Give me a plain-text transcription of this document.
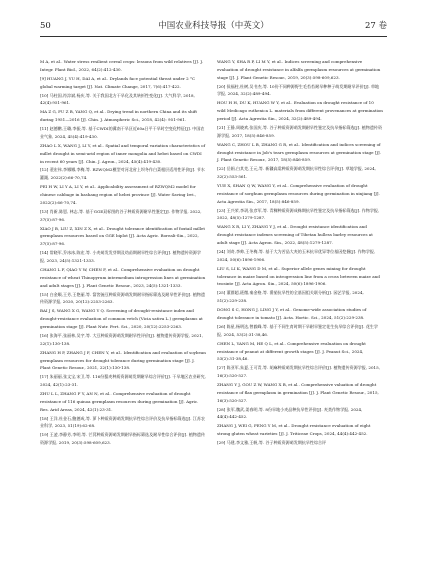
50	中国农业科技导报（中英文）	27 卷

M A, et al.. Water stress resilient cereal crops: lessons from wild relatives [J]. J. Integr. Plant Biol., 2022, 64(2):412-430.

[9] HUANG J, YU H, DAI A, et al.. Drylands face potential threat under 2 °C global warming target [J]. Nat. Climate Change, 2017, 7(6):417-422.

[10] 马柱国,符淙斌,杨庆,等. 关于我国北方干旱化及其转折性变化[J]. 大气科学, 2018, 42(4):951-961.

MA Z G, FU Z B, YANG Q, et al.. Drying trend in northern China and its shift during 1951—2016 [J]. Chin. J. Atmospheric Sci., 2018, 42(4): 951-961.

[11] 赵德鹏,王璐,李振,等. 基于CWDI的冀南干旱区近60a日平干旱时空变化特征[J]. 中国农业气象, 2024, 45(4):419-430.

ZHAO L X, WANG J, LI Y, et al.. Spatial and temporal variation characteristics of millet drought in semi-arid region of inner mongolia and hebei based on CWDI in recent 60 years [J]. Chin. J. Agron., 2024, 45(4):419-430.

[12] 裴宏伟,李娜娜,李梅,等. RZWQM2模型对河北省上坝冬作白菜根层适用性评价[J]. 节水灌溉, 2022(2):66-70,74.

PEI H W, LI Y A, LI Y, et al.. Applicability assessment of RZWQM2 model for chinese cabbage in bashang region of hebei province [J]. Water Saving Irri., 2022(2):66-70,74.

[13] 肖新,陈恩, 林志,等. 基于GGE双标图的谷子种质资源耐旱性鉴定[J]. 作物学报, 2022, 37(5):87-96.

XIAO J B, LIU Z, XIN Z X, et al.. Drought tolerance identification of foxtail millet germplasm resources based on GGE biplot [J]. Acta Agric. Boreali-Sin., 2022, 37(5):87-96.

[14] 常晓军,乔冰冰,陈宏,等. 小麦萌发发芽期及幼苗期耐旱性综合评价[J]. 植物遗传资源学报, 2023, 24(5):1321-1333.

CHANG L F, QIAO Y W, CHEN F, et al.. Comprehensive evaluation on drought resistance of wheat Thinopyrum intermedium introgression lines at germination and adult stages [J]. J. Plant Genetic Resour., 2023, 24(5):1321-1333.

[15] 白金顺,王芳,王艳丽,等. 箭筈豌豆种质资源萌发期耐旱指标筛选及耐旱性评价[J]. 植物遗传资源学报, 2020, 20(12):2253-2263.

BAI J S, WANG X G, WANG Y Q. Screening of drought-resistance index and drought-resistance evaluation of common vetch (Vicia sativa L.) germplasms at germination stage [J]. Plant Nutr. Fert. Sci., 2020, 20(12):2253-2263.

[16] 张海平,张丽林,吴宇,等. 大豆种质资源萌发期耐旱性评价[J]. 植物遗传资源学报, 2021, 22(1):130-138.

ZHANG H P, ZHANG J F, CHEN Y, et al.. Identification and evaluation of soybean germplasm resources for drought tolerance during germination stage [J]. J. Plant Genetic Resour., 2021, 22(1):130-138.

[17] 朱丽丽,张文宝,宋卫,等. 116份藜麦种质资源萌发期耐旱综合评价[J]. 干旱地区农业研究, 2024, 42(1):23-31.

ZHU L L, ZHANG F Y, AN N, et al.. Comprehensive evaluation of drought resistance of 116 quinoa germplasm resources during germination [J]. Agric. Res. Arid Areas, 2024, 42(1):23-31.

[18] 王洋,杜金石,鲍德成,等. 萝卜种质资源萌发期抗旱性综合评价及抗旱指标筛选[J]. 江苏农业科学, 2023, 51(19):62-68.

[19] 王凌,李静芳,李明,等. 芒萁种质资源萌发期耐旱指标筛选及耐旱性综合评价[J]. 植物遗传资源学报, 2019, 20(3):598-609,623.

WANG Y, SHA R P, LI M Y, et al.. Indices screening and comprehensive evaluation of drought resistance in alfalfa germplasm resources at germination stage [J]. J. Plant Genetic Resour., 2019, 20(3):598-609,623.

[20] 侯福柱,杜树,吴书杰,等. 10份不同种源野生毛苔苔耐旱种种子萌发期耐旱评价[J]. 草地学报, 2024, 32(2):489-494.

HOU H H, DU K, HUANG W Y, et al.. Evaluation on drought resistance of 10 wild Medicago ruthenica L. materials from different provenances at germination period [J]. Acta Agrestia Sin., 2024, 32(2):489-494.

[21] 王静,周晓欢,张国庆,等. 谷子种质资源萌发期耐旱性鉴定及抗旱指标筛选[J]. 植物遗传资源学报, 2017, 18(5):846-859.

WANG C, ZHOU L B, ZHANG G R, et al.. Identification and indices screening of drought resistance in Job's tears germplasm resources at germination stage [J]. J. Plant Genetic Resour., 2017, 18(5):846-859.

[22] 岳娟,白其羌,王元,等. 新疆高粱种质资源萌发期抗旱性综合评价[J]. 草地学报, 2024, 32(2):553-561.

YUE X, SHAN Q W, WANG Y, et al.. Comprehensive evaluation of drought resistance of sorghum germplasm resources during germination in xinjiang [J]. Acta Agrestia Sin., 2017, 18(5):846-859.

[23] 王兴荣,李玥,张彦军,等. 青稞种质资源成株期抗旱性鉴定及抗旱指标筛选[J]. 作物学报, 2022, 48(5):1279-1287.

WANG X R, LI Y, ZHANG Y J, et al.. Drought resistance identification and drought resistance indexes screening of Tibetan hulless barley resources at adult stage [J]. Acta Agron. Sin., 2022, 48(5):1279-1287.

[24] 刘奇,李帅,王冬梅,等. 基于大为苦品大麦的玉米抗旱优异等位基因挖掘[J]. 作物学报, 2024, 50(6):1896-1906.

LIU S, LI K, WANG D M, et al.. Superior allele genes mining for drought tolerance in maize based on introgression line from a cross between maize and teosinte [J]. Acta Agron. Sin., 2024, 50(6):1896-1906.

[25] 董群超,班微,秦金格,等. 番茄抗旱性的全基因组关联分析[J]. 园艺学报, 2024, 51(2):229-238.

DONG S C, HONG J, LING J Y, et al.. Genome-wide association studies of drought tolerance in tomato [J]. Acta. Hortic. Sci., 2024, 51(2):229-238.

[26] 陈星,杨明达,曾毅峰,等. 基于不同生育时期干旱耐旱鉴定花生抗旱综合评价[J]. 花生学报, 2024, 53(2):31-38,46.

CHEN L, YANG M, HE Q L, et al.. Comprehensive evaluation on drought resistance of peanut at different growth stages [J]. J. Peanut Sci., 2024, 53(2):31-38,46.

[27] 陈亚军,朱夏,王可青,等. 胡麻种质萌发期抗旱性综合评价[J]. 植物遗传资源学报, 2015, 16(3):520-527.

ZHANG Y J, GOU Z W, WANG X B, et al.. Comprehensive valuation of drought resistance of flax germplasm in germination [J]. J. Plant Genetic Resour., 2015, 16(3):520-527.

[28] 张军,魏武,姜春明,等. 8份旱地小麦品种抗旱性评价[J]. 麦类作物学报, 2024, 44(4):442-452.

ZHANG J, WEI G, FENG Y M, et al.. Drought resistance evaluation of eight strong gluten wheat varieties [J]. J. Triticeae Crops, 2024, 44(4):442-452.

[29] 马建,李文雅,王帆,等. 谷子种质资源萌发期抗旱性综合评
